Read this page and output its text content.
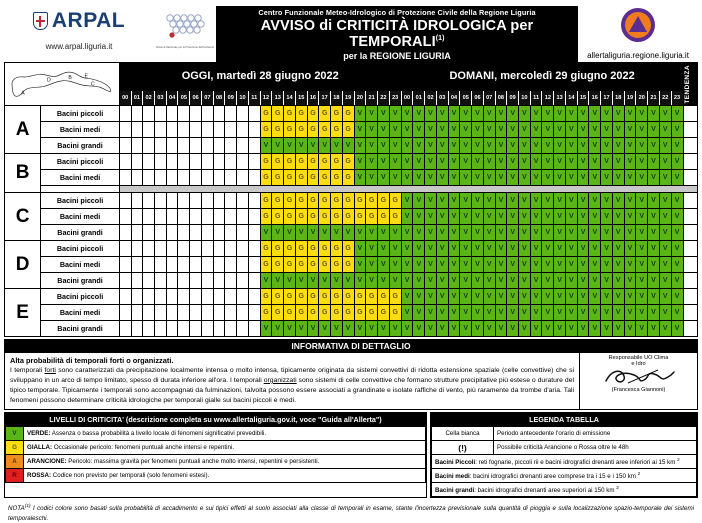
ARPAL
www.arpal.liguria.it	Sistema Nazionale per la Protezione dell'Ambiente
Centro Funzionale Meteo-Idrologico di Protezione Civile della Regione Liguria
AVVISO di CRITICITÀ IDROLOGICA per TEMPORALI$^{(1)}$
per la REGIONE LIGURIA
EMISSIONE DEL: 28/06/2022 ORE:11:27
allertaliguria.regione.liguria.it
A
D B
C
E		OGGI, martedì 28 giugno 2022																								DOMANI, mercoledì 29 giugno 2022																								TENDENZA

		00	01	02	03	04	05	06	07	08	09	10	11	12	13	14	15	16	17	18	19	20	21	22	23	00	01	02	03	04	05	06	07	08	09	10	11	12	13	14	15	16	17	18	19	20	21	22	23	
A	Bacini piccoli													G	G	G	G	G	G	G	G	V	V	V	V	V	V	V	V	V	V	V	V	V	V	V	V	V	V	V	V	V	V	V	V	V	V	V	V	
	Bacini medi													G	G	G	G	G	G	G	G	V	V	V	V	V	V	V	V	V	V	V	V	V	V	V	V	V	V	V	V	V	V	V	V	V	V	V	V	
	Bacini grandi													V	V	V	V	V	V	V	V	V	V	V	V	V	V	V	V	V	V	V	V	V	V	V	V	V	V	V	V	V	V	V	V	V	V	V	V	
B	Bacini piccoli													G	G	G	G	G	G	G	G	V	V	V	V	V	V	V	V	V	V	V	V	V	V	V	V	V	V	V	V	V	V	V	V	V	V	V	V	
	Bacini medi													G	G	G	G	G	G	G	G	V	V	V	V	V	V	V	V	V	V	V	V	V	V	V	V	V	V	V	V	V	V	V	V	V	V	V	V	

C	Bacini piccoli													G	G	G	G	G	G	G	G	G	G	G	G	V	V	V	V	V	V	V	V	V	V	V	V	V	V	V	V	V	V	V	V	V	V	V	V	
	Bacini medi													G	G	G	G	G	G	G	G	G	G	G	G	V	V	V	V	V	V	V	V	V	V	V	V	V	V	V	V	V	V	V	V	V	V	V	V	
	Bacini grandi													V	V	V	V	V	V	V	V	V	V	V	V	V	V	V	V	V	V	V	V	V	V	V	V	V	V	V	V	V	V	V	V	V	V	V	V	
D	Bacini piccoli													G	G	G	G	G	G	G	G	V	V	V	V	V	V	V	V	V	V	V	V	V	V	V	V	V	V	V	V	V	V	V	V	V	V	V	V	
	Bacini medi													G	G	G	G	G	G	G	G	V	V	V	V	V	V	V	V	V	V	V	V	V	V	V	V	V	V	V	V	V	V	V	V	V	V	V	V	
	Bacini grandi													V	V	V	V	V	V	V	V	V	V	V	V	V	V	V	V	V	V	V	V	V	V	V	V	V	V	V	V	V	V	V	V	V	V	V	V	
E	Bacini piccoli													G	G	G	G	G	G	G	G	G	G	G	G	V	V	V	V	V	V	V	V	V	V	V	V	V	V	V	V	V	V	V	V	V	V	V	V	
	Bacini medi													G	G	G	G	G	G	G	G	G	G	G	G	V	V	V	V	V	V	V	V	V	V	V	V	V	V	V	V	V	V	V	V	V	V	V	V	
	Bacini grandi													V	V	V	V	V	V	V	V	V	V	V	V	V	V	V	V	V	V	V	V	V	V	V	V	V	V	V	V	V	V	V	V	V	V	V	V	
INFORMATIVA DI DETTAGLIO
Alta probabilità di temporali forti o organizzati.
I temporali forti sono caratterizzati da precipitazione localmente intensa o molto intensa, tipicamente originata da sistemi convettivi di ridotta estensione spaziale (celle convettive) che si sviluppano in un arco di tempo limitato, spesso di durata inferiore all'ora. I temporali organizzati sono sistemi di celle convettive che formano strutture precipitative più estese o durature del tipico temporale. Tipicamente i temporali sono accompagnati da fulminazioni, talvolta possono essere associati a grandinate e isolate raffiche di vento, più raramente da trombe d'aria. Tali fenomeni possono determinare criticità idrologiche per temporali gialle sui bacini piccoli e medi.
Responsabile UO Clima
e Idro
(Francesca Giannoni)
LIVELLI DI CRITICITA' (descrizione completa su www.allertaliguria.gov.it, voce "Guida all'Allerta")
V	VERDE: Assenza o bassa probabilità a livello locale di fenomeni significativi prevedibili.
G	GIALLA: Occasionale pericolo: fenomeni puntuali anche intensi e repentini.
A	ARANCIONE: Pericolo: massima gravità per fenomeni puntuali anche molto intensi, repentini e persistenti.
R	ROSSA: Codice non previsto per temporali (solo fenomeni estesi).
LEGENDA TABELLA
Cella bianca	Periodo antecedente l'orario di emissione
(!)	Possibile criticità Arancione o Rossa oltre le 48h
Bacini Piccoli: reti fognarie, piccoli rii e bacini idrografici drenanti aree inferiori ai 15 km $^2$
Bacini medi: bacini idrografici drenanti aree comprese tra i 15 e i 150 km $^2$
Bacini grandi: bacini idrografici drenanti aree superiori ai 150 km $^2$
NOTA$^{(1)}$ I codici colore sono basati sulla probabilità di accadimento e sui tipici effetti al suolo associati alla classe di temporali in esame, stante l'incertezza previsionale sulla quantità di pioggia e sulla localizzazione spazio-temporale dei sistemi temporaleschi.
